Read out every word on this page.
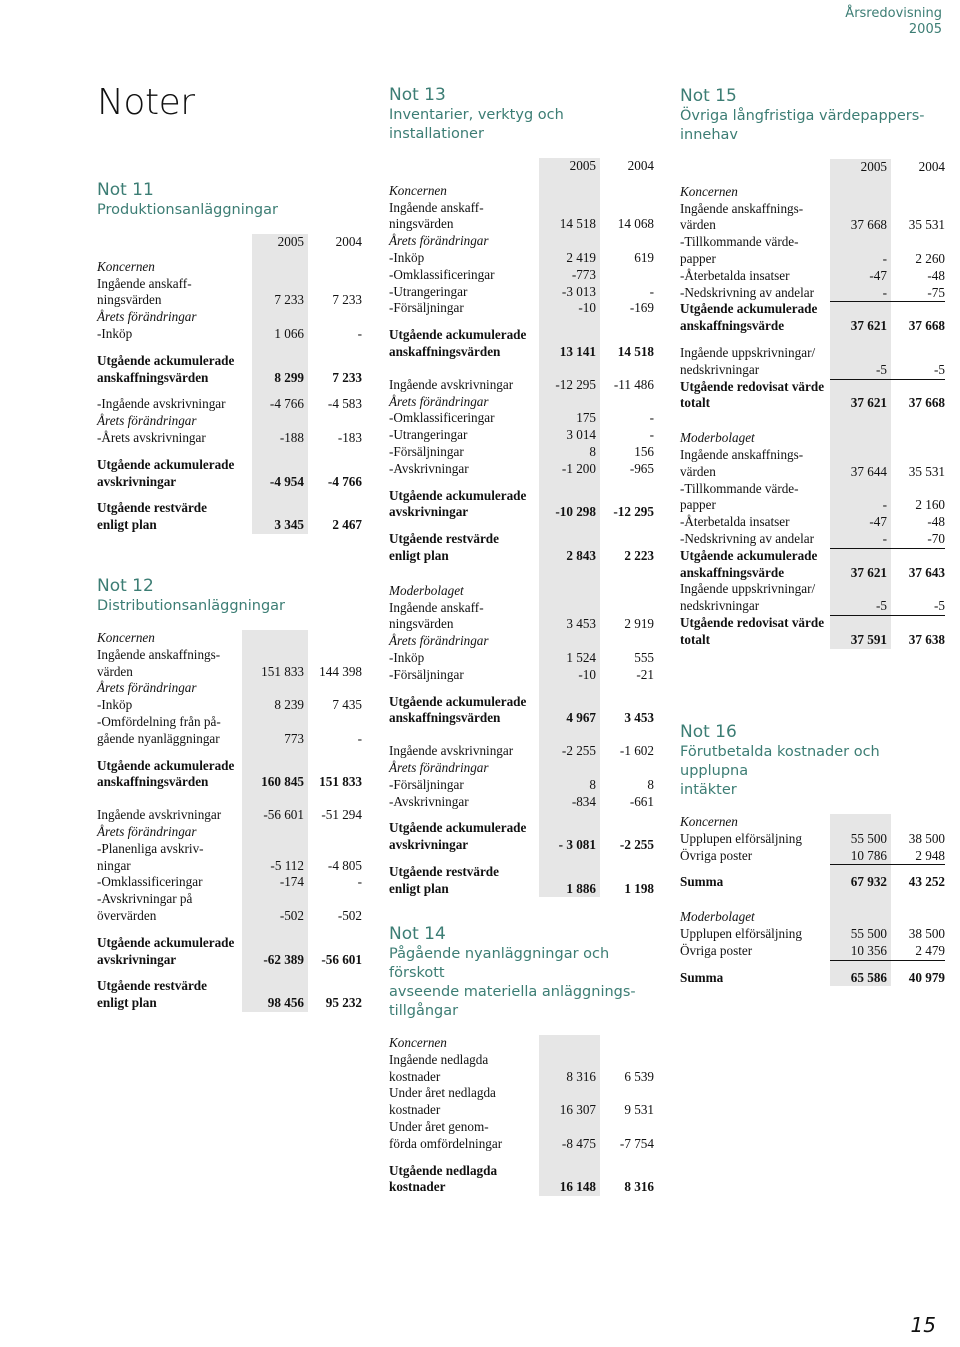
Årsredovisning
2005
Noter
15
Not 11
Produktionsanläggningar
2005	2004
Koncernen
Ingående anskaff-
ningsvärden	7 233	7 233
Årets förändringar
-Inköp	1 066	-
Utgående ackumulerade
anskaffningsvärden	8 299	7 233
-Ingående avskrivningar	-4 766	-4 583
Årets förändringar
-Årets avskrivningar	-188	-183
Utgående ackumulerade
avskrivningar	-4 954	-4 766
Utgående restvärde
enligt plan	3 345	2 467
Not 12
Distributionsanläggningar
Koncernen
Ingående anskaffnings-
värden	151 833	144 398
Årets förändringar
-Inköp	8 239	7 435
-Omfördelning från på-
gående nyanläggningar	773	-
Utgående ackumulerade
anskaffningsvärden	160 845	151 833
Ingående avskrivningar	-56 601	-51 294
Årets förändringar
-Planenliga avskriv-
ningar	-5 112	-4 805
-Omklassificeringar	-174	-
-Avskrivningar på
övervärden	-502	-502
Utgående ackumulerade
avskrivningar	-62 389	-56 601
Utgående restvärde
enligt plan	98 456	95 232
Not 13
Inventarier, verktyg och installationer
2005	2004
Koncernen
Ingående anskaff-
ningsvärden	14 518	14 068
Årets förändringar
-Inköp	2 419	619
-Omklassificeringar	-773
-Utrangeringar	-3 013	-
-Försäljningar	-10	-169
Utgående ackumulerade
anskaffningsvärden	13 141	14 518
Ingående avskrivningar	-12 295	-11 486
Årets förändringar
-Omklassificeringar	175	-
-Utrangeringar	3 014	-
-Försäljningar	8	156
-Avskrivningar	-1 200	-965
Utgående ackumulerade
avskrivningar	-10 298	-12 295
Utgående restvärde
enligt plan	2 843	2 223
Moderbolaget
Ingående anskaff-
ningsvärden	3 453	2 919
Årets förändringar
-Inköp	1 524	555
-Försäljningar	-10	-21
Utgående ackumulerade
anskaffningsvärden	4 967	3 453
Ingående avskrivningar	-2 255	-1 602
Årets förändringar
-Försäljningar	8	8
-Avskrivningar	-834	-661
Utgående ackumulerade
avskrivningar	- 3 081	-2 255
Utgående restvärde
enligt plan	1 886	1 198
Not 14
Pågående nyanläggningar och förskott
avseende materiella anläggnings-
tillgångar
Koncernen
Ingående nedlagda
kostnader	8 316	6 539
Under året nedlagda
kostnader	16 307	9 531
Under året genom-
förda omfördelningar	-8 475	-7 754
Utgående nedlagda
kostnader	16 148	8 316
Not 15
Övriga långfristiga värdepappers-
innehav
2005	2004
Koncernen
Ingående anskaffnings-
värden	37 668	35 531
-Tillkommande värde-
papper	-	2 260
-Återbetalda insatser	-47	-48
-Nedskrivning av andelar	-	-75
Utgående ackumulerade
anskaffningsvärde	37 621	37 668
Ingående uppskrivningar/
nedskrivningar	-5	-5
Utgående redovisat värde
totalt	37 621	37 668
Moderbolaget
Ingående anskaffnings-
värden	37 644	35 531
-Tillkommande värde-
papper	-	2 160
-Återbetalda insatser	-47	-48
-Nedskrivning av andelar	-	-70
Utgående ackumulerade
anskaffningsvärde	37 621	37 643
Ingående uppskrivningar/
nedskrivningar	-5	-5
Utgående redovisat värde
totalt	37 591	37 638
Not 16
Förutbetalda kostnader och upplupna
intäkter
Koncernen
Upplupen elförsäljning	55 500	38 500
Övriga poster	10 786	2 948
Summa	67 932	43 252
Moderbolaget
Upplupen elförsäljning	55 500	38 500
Övriga poster	10 356	2 479
Summa	65 586	40 979
